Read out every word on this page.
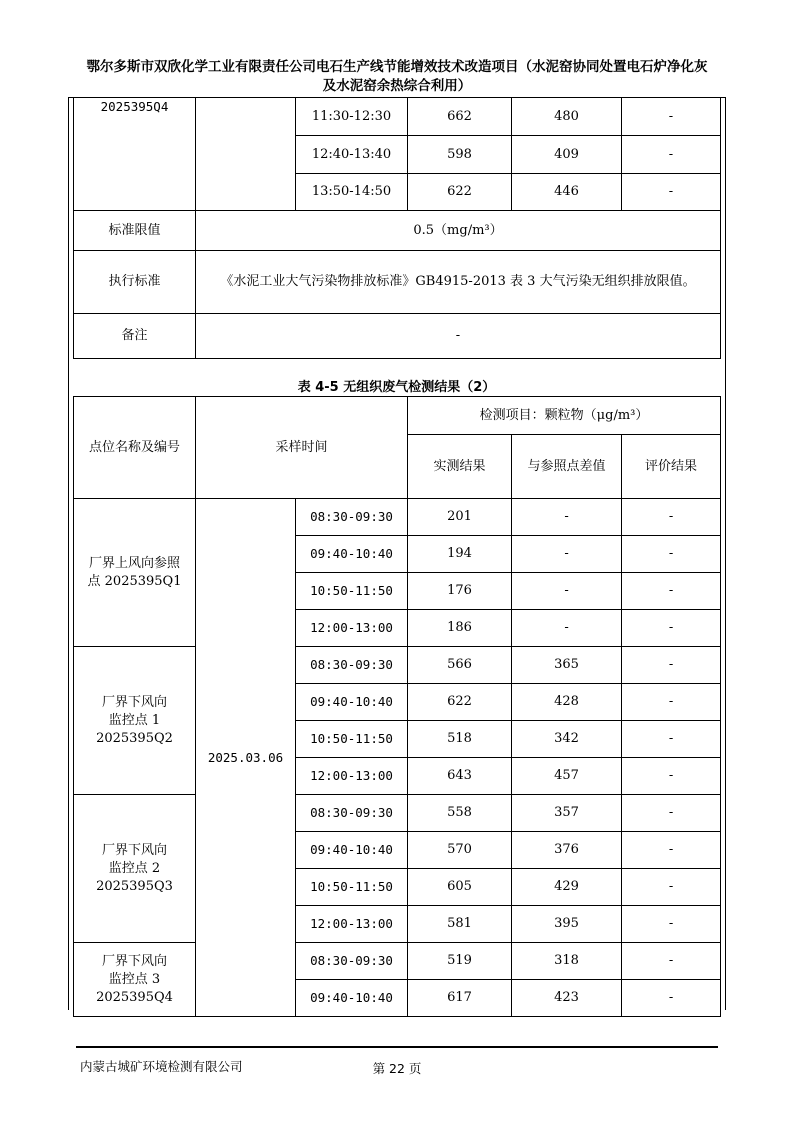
鄂尔多斯市双欣化学工业有限责任公司电石生产线节能增效技术改造项目（水泥窑协同处置电石炉净化灰
及水泥窑余热综合利用）
2025395Q4		11:30-12:30	662	480	-
		12:40-13:40	598	409	-
		13:50-14:50	622	446	-
标准限值	0.5（mg/m³）				
执行标准	《水泥工业大气污染物排放标准》GB4915-2013 表 3 大气污染无组织排放限值。				
备注	-				
表 4-5 无组织废气检测结果（2）
点位名称及编号	采样时间		检测项目：颗粒物（μg/m³）		
			实测结果	与参照点差值	评价结果

厂界上风向参照
点 2025395Q1	2025.03.06	08:30-09:30	201	-	-
		09:40-10:40	194	-	-
		10:50-11:50	176	-	-
		12:00-13:00	186	-	-

厂界下风向
监控点 1
2025395Q2		08:30-09:30	566	365	-
		09:40-10:40	622	428	-
		10:50-11:50	518	342	-
		12:00-13:00	643	457	-

厂界下风向
监控点 2
2025395Q3		08:30-09:30	558	357	-
		09:40-10:40	570	376	-
		10:50-11:50	605	429	-
		12:00-13:00	581	395	-

厂界下风向
监控点 3
2025395Q4		08:30-09:30	519	318	-
		09:40-10:40	617	423	-
内蒙古城矿环境检测有限公司	第 22 页
